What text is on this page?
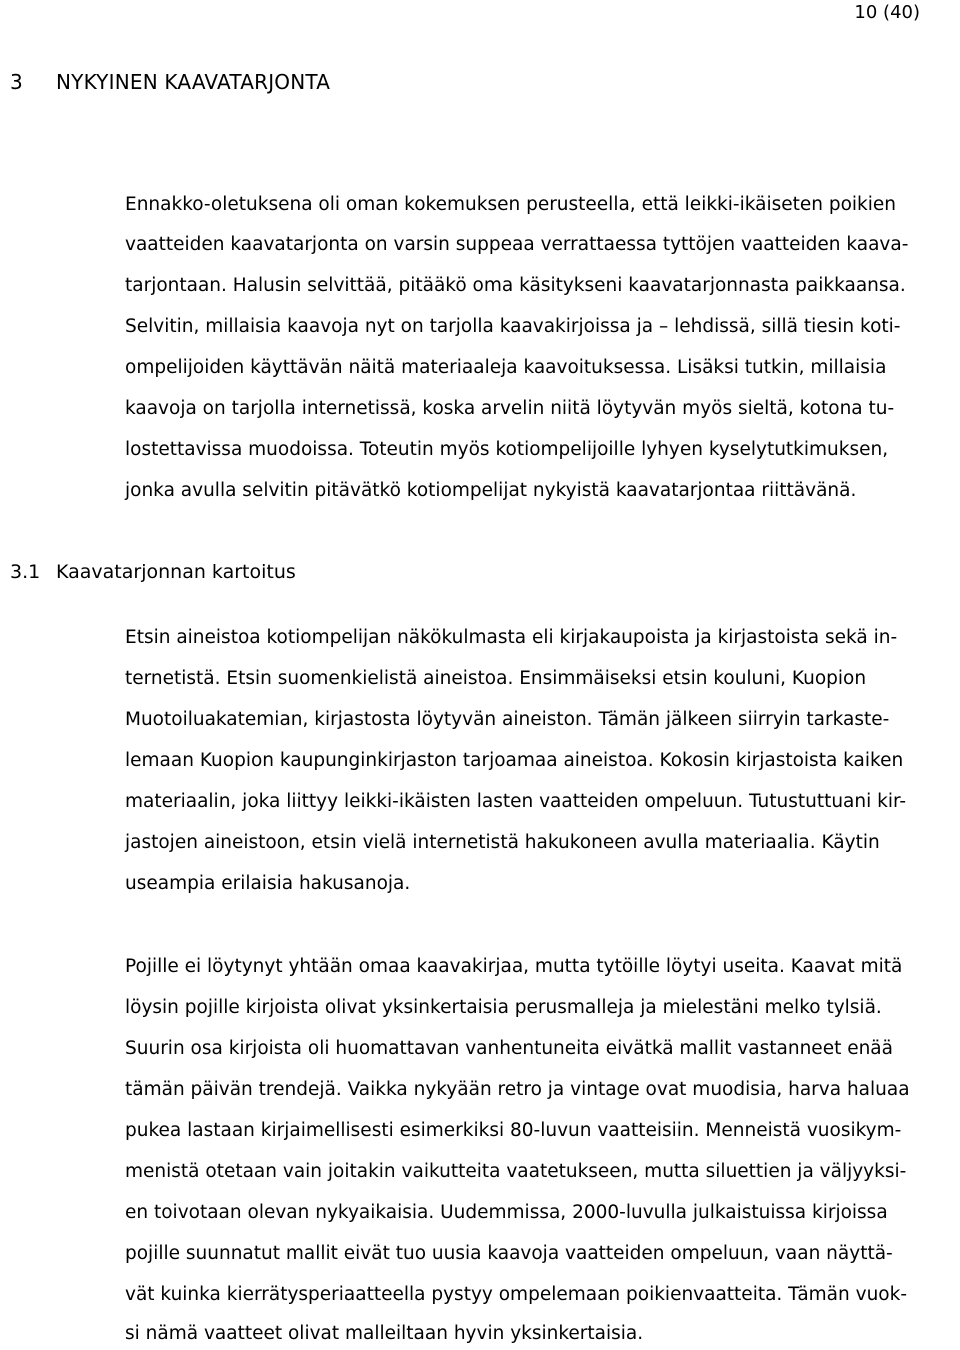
10 (40)
3 NYKYINEN KAAVATARJONTA
Ennakko-oletuksena oli oman kokemuksen perusteella, että leikki-ikäiseten poikien
vaatteiden kaavatarjonta on varsin suppeaa verrattaessa tyttöjen vaatteiden kaava-
tarjontaan. Halusin selvittää, pitääkö oma käsitykseni kaavatarjonnasta paikkaansa.
Selvitin, millaisia kaavoja nyt on tarjolla kaavakirjoissa ja – lehdissä, sillä tiesin koti-
ompelijoiden käyttävän näitä materiaaleja kaavoituksessa. Lisäksi tutkin, millaisia
kaavoja on tarjolla internetissä, koska arvelin niitä löytyvän myös sieltä, kotona tu-
lostettavissa muodoissa. Toteutin myös kotiompelijoille lyhyen kyselytutkimuksen,
jonka avulla selvitin pitävätkö kotiompelijat nykyistä kaavatarjontaa riittävänä.
3.1 Kaavatarjonnan kartoitus
Etsin aineistoa kotiompelijan näkökulmasta eli kirjakaupoista ja kirjastoista sekä in-
ternetistä. Etsin suomenkielistä aineistoa. Ensimmäiseksi etsin kouluni, Kuopion
Muotoiluakatemian, kirjastosta löytyvän aineiston. Tämän jälkeen siirryin tarkaste-
lemaan Kuopion kaupunginkirjaston tarjoamaa aineistoa. Kokosin kirjastoista kaiken
materiaalin, joka liittyy leikki-ikäisten lasten vaatteiden ompeluun. Tutustuttuani kir-
jastojen aineistoon, etsin vielä internetistä hakukoneen avulla materiaalia. Käytin
useampia erilaisia hakusanoja.
Pojille ei löytynyt yhtään omaa kaavakirjaa, mutta tytöille löytyi useita. Kaavat mitä
löysin pojille kirjoista olivat yksinkertaisia perusmalleja ja mielestäni melko tylsiä.
Suurin osa kirjoista oli huomattavan vanhentuneita eivätkä mallit vastanneet enää
tämän päivän trendejä. Vaikka nykyään retro ja vintage ovat muodisia, harva haluaa
pukea lastaan kirjaimellisesti esimerkiksi 80-luvun vaatteisiin. Menneistä vuosikym-
menistä otetaan vain joitakin vaikutteita vaatetukseen, mutta siluettien ja väljyyksi-
en toivotaan olevan nykyaikaisia. Uudemmissa, 2000-luvulla julkaistuissa kirjoissa
pojille suunnatut mallit eivät tuo uusia kaavoja vaatteiden ompeluun, vaan näyttä-
vät kuinka kierrätysperiaatteella pystyy ompelemaan poikienvaatteita. Tämän vuok-
si nämä vaatteet olivat malleiltaan hyvin yksinkertaisia.
